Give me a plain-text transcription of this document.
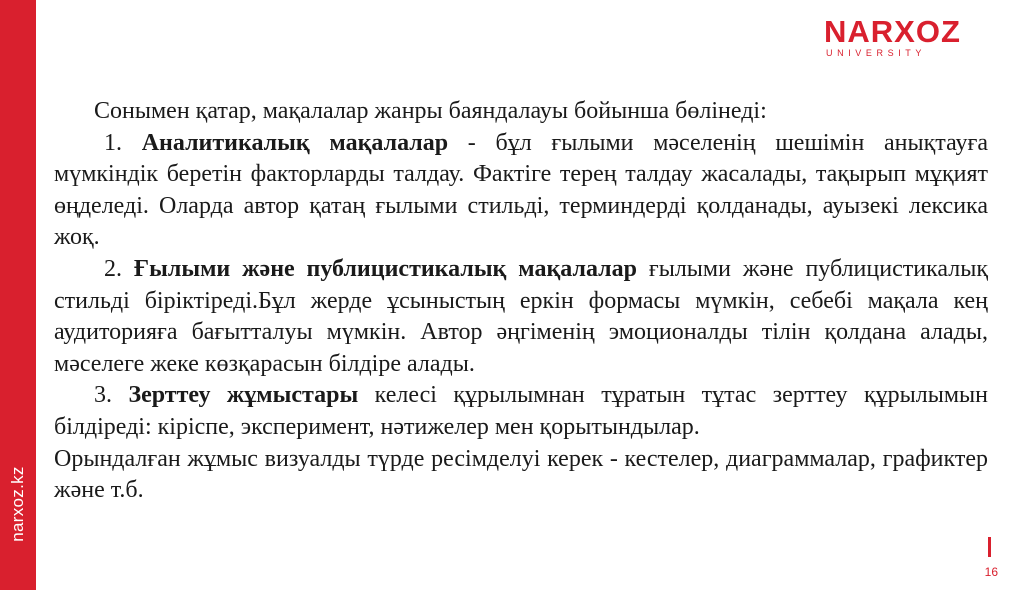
narxoz.kz
NARXOZ
UNIVERSITY

Сонымен қатар, мақалалар жанры баяндалауы бойынша бөлінеді:

1. Аналитикалық мақалалар - бұл ғылыми мәселенің шешімін анықтауға мүмкіндік беретін факторларды талдау. Фактіге терең талдау жасалады, тақырып мұқият өңделеді. Оларда автор қатаң ғылыми стильді, терминдерді қолданады, ауызекі лексика жоқ.

2. Ғылыми және публицистикалық мақалалар ғылыми және публицистикалық стильді біріктіреді.Бұл жерде ұсыныстың еркін формасы мүмкін, себебі мақала кең аудиторияға бағытталуы мүмкін. Автор әңгіменің эмоционалды тілін қолдана алады, мәселеге жеке көзқарасын білдіре алады.

3. Зерттеу жұмыстары келесі құрылымнан тұратын тұтас зерттеу құрылымын білдіреді: кіріспе, эксперимент, нәтижелер мен қорытындылар.

Орындалған жұмыс визуалды түрде ресімделуі керек - кестелер, диаграммалар, графиктер және т.б.

16
